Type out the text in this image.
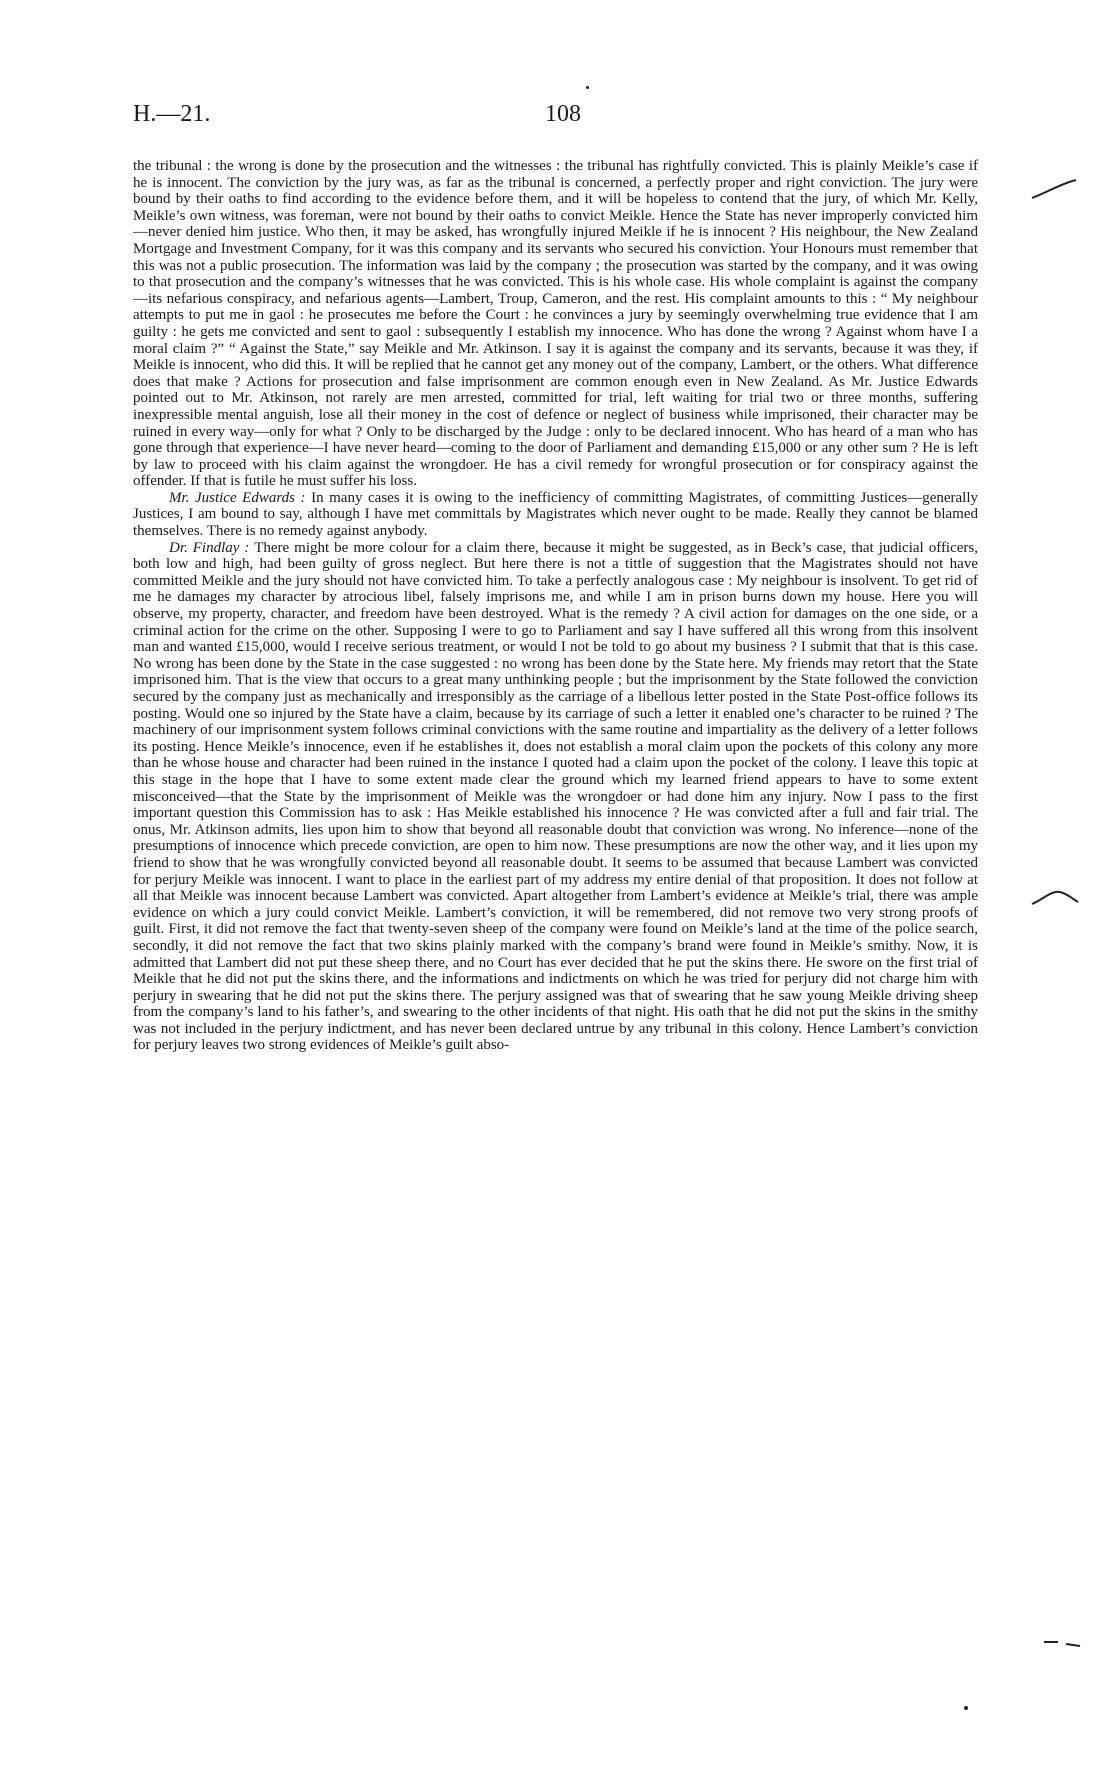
H.—21.	108

the tribunal : the wrong is done by the prosecution and the witnesses : the tribunal has rightfully convicted. This is plainly Meikle’s case if he is innocent. The conviction by the jury was, as far as the tribunal is concerned, a perfectly proper and right conviction. The jury were bound by their oaths to find according to the evidence before them, and it will be hopeless to contend that the jury, of which Mr. Kelly, Meikle’s own witness, was foreman, were not bound by their oaths to convict Meikle. Hence the State has never improperly convicted him—never denied him justice. Who then, it may be asked, has wrongfully injured Meikle if he is innocent ? His neighbour, the New Zealand Mortgage and Investment Company, for it was this company and its servants who secured his conviction. Your Honours must remember that this was not a public prosecution. The information was laid by the company ; the prosecution was started by the company, and it was owing to that prosecution and the company’s witnesses that he was convicted. This is his whole case. His whole complaint is against the company—its nefarious conspiracy, and nefarious agents—Lambert, Troup, Cameron, and the rest. His complaint amounts to this : “ My neighbour attempts to put me in gaol : he prosecutes me before the Court : he convinces a jury by seemingly overwhelming true evidence that I am guilty : he gets me convicted and sent to gaol : subsequently I establish my innocence. Who has done the wrong ? Against whom have I a moral claim ?” “ Against the State,” say Meikle and Mr. Atkinson. I say it is against the company and its servants, because it was they, if Meikle is innocent, who did this. It will be replied that he cannot get any money out of the company, Lambert, or the others. What difference does that make ? Actions for prosecution and false imprisonment are common enough even in New Zealand. As Mr. Justice Edwards pointed out to Mr. Atkinson, not rarely are men arrested, committed for trial, left waiting for trial two or three months, suffering inexpressible mental anguish, lose all their money in the cost of defence or neglect of business while imprisoned, their character may be ruined in every way—only for what ? Only to be discharged by the Judge : only to be declared innocent. Who has heard of a man who has gone through that experience—I have never heard—coming to the door of Parliament and demanding £15,000 or any other sum ? He is left by law to proceed with his claim against the wrongdoer. He has a civil remedy for wrongful prosecution or for conspiracy against the offender. If that is futile he must suffer his loss.

Mr. Justice Edwards : In many cases it is owing to the inefficiency of committing Magistrates, of committing Justices—generally Justices, I am bound to say, although I have met committals by Magistrates which never ought to be made. Really they cannot be blamed themselves. There is no remedy against anybody.

Dr. Findlay : There might be more colour for a claim there, because it might be suggested, as in Beck’s case, that judicial officers, both low and high, had been guilty of gross neglect. But here there is not a tittle of suggestion that the Magistrates should not have committed Meikle and the jury should not have convicted him. To take a perfectly analogous case : My neighbour is insolvent. To get rid of me he damages my character by atrocious libel, falsely imprisons me, and while I am in prison burns down my house. Here you will observe, my property, character, and freedom have been destroyed. What is the remedy ? A civil action for damages on the one side, or a criminal action for the crime on the other. Supposing I were to go to Parliament and say I have suffered all this wrong from this insolvent man and wanted £15,000, would I receive serious treatment, or would I not be told to go about my business ? I submit that that is this case. No wrong has been done by the State in the case suggested : no wrong has been done by the State here. My friends may retort that the State imprisoned him. That is the view that occurs to a great many unthinking people ; but the imprisonment by the State followed the conviction secured by the company just as mechanically and irresponsibly as the carriage of a libellous letter posted in the State Post-office follows its posting. Would one so injured by the State have a claim, because by its carriage of such a letter it enabled one’s character to be ruined ? The machinery of our imprisonment system follows criminal convictions with the same routine and impartiality as the delivery of a letter follows its posting. Hence Meikle’s innocence, even if he establishes it, does not establish a moral claim upon the pockets of this colony any more than he whose house and character had been ruined in the instance I quoted had a claim upon the pocket of the colony. I leave this topic at this stage in the hope that I have to some extent made clear the ground which my learned friend appears to have to some extent misconceived—that the State by the imprisonment of Meikle was the wrongdoer or had done him any injury. Now I pass to the first important question this Commission has to ask : Has Meikle established his innocence ? He was convicted after a full and fair trial. The onus, Mr. Atkinson admits, lies upon him to show that beyond all reasonable doubt that conviction was wrong. No inference—none of the presumptions of innocence which precede conviction, are open to him now. These presumptions are now the other way, and it lies upon my friend to show that he was wrongfully convicted beyond all reasonable doubt. It seems to be assumed that because Lambert was convicted for perjury Meikle was innocent. I want to place in the earliest part of my address my entire denial of that proposition. It does not follow at all that Meikle was innocent because Lambert was convicted. Apart altogether from Lambert’s evidence at Meikle’s trial, there was ample evidence on which a jury could convict Meikle. Lambert’s conviction, it will be remembered, did not remove two very strong proofs of guilt. First, it did not remove the fact that twenty-seven sheep of the company were found on Meikle’s land at the time of the police search, secondly, it did not remove the fact that two skins plainly marked with the company’s brand were found in Meikle’s smithy. Now, it is admitted that Lambert did not put these sheep there, and no Court has ever decided that he put the skins there. He swore on the first trial of Meikle that he did not put the skins there, and the informations and indictments on which he was tried for perjury did not charge him with perjury in swearing that he did not put the skins there. The perjury assigned was that of swearing that he saw young Meikle driving sheep from the company’s land to his father’s, and swearing to the other incidents of that night. His oath that he did not put the skins in the smithy was not included in the perjury indictment, and has never been declared untrue by any tribunal in this colony. Hence Lambert’s conviction for perjury leaves two strong evidences of Meikle’s guilt abso-
